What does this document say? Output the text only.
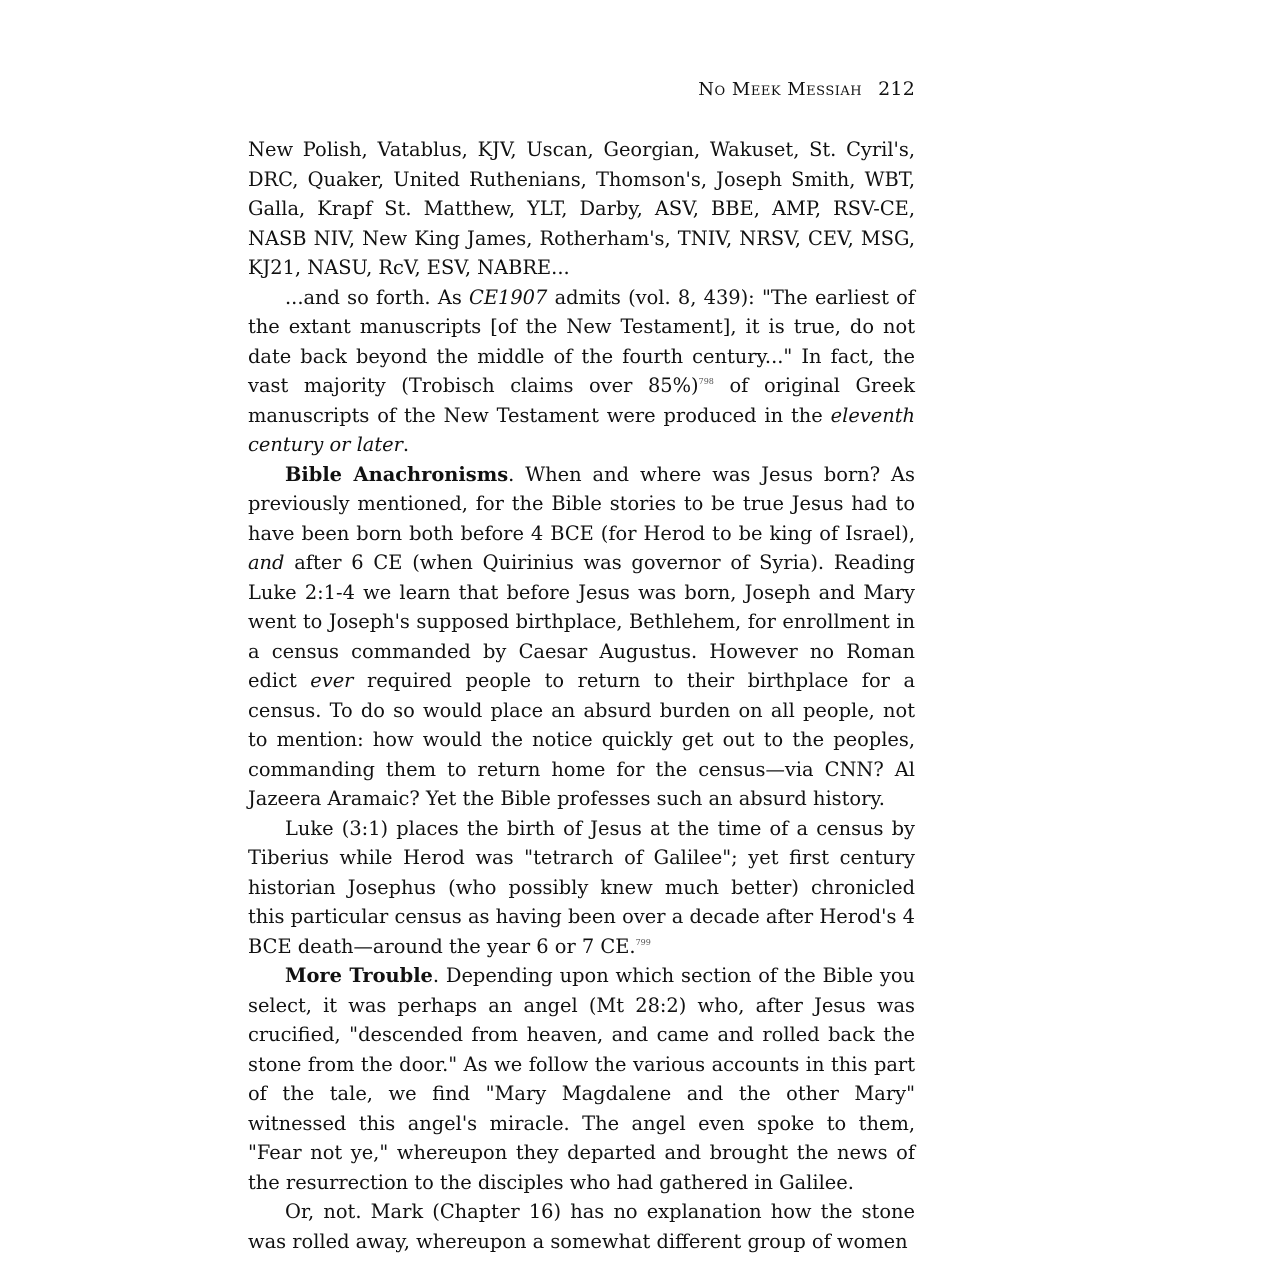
No Meek Messiah 212

New Polish, Vatablus, KJV, Uscan, Georgian, Wakuset, St. Cyril's, DRC, Quaker, United Ruthenians, Thomson's, Joseph Smith, WBT, Galla, Krapf St. Matthew, YLT, Darby, ASV, BBE, AMP, RSV-CE, NASB NIV, New King James, Rotherham's, TNIV, NRSV, CEV, MSG, KJ21, NASU, RcV, ESV, NABRE...

...and so forth. As CE1907 admits (vol. 8, 439): "The earliest of the extant manuscripts [of the New Testament], it is true, do not date back beyond the middle of the fourth century..." In fact, the vast majority (Trobisch claims over 85%)$^{798}$ of original Greek manuscripts of the New Testament were produced in the eleventh century or later.

Bible Anachronisms. When and where was Jesus born? As previously mentioned, for the Bible stories to be true Jesus had to have been born both before 4 BCE (for Herod to be king of Israel), and after 6 CE (when Quirinius was governor of Syria). Reading Luke 2:1-4 we learn that before Jesus was born, Joseph and Mary went to Joseph's supposed birthplace, Bethlehem, for enrollment in a census commanded by Caesar Augustus. However no Roman edict ever required people to return to their birthplace for a census. To do so would place an absurd burden on all people, not to mention: how would the notice quickly get out to the peoples, commanding them to return home for the census—via CNN? Al Jazeera Aramaic? Yet the Bible professes such an absurd history.

Luke (3:1) places the birth of Jesus at the time of a census by Tiberius while Herod was "tetrarch of Galilee"; yet first century historian Josephus (who possibly knew much better) chronicled this particular census as having been over a decade after Herod's 4 BCE death—around the year 6 or 7 CE.$^{799}$

More Trouble. Depending upon which section of the Bible you select, it was perhaps an angel (Mt 28:2) who, after Jesus was crucified, "descended from heaven, and came and rolled back the stone from the door." As we follow the various accounts in this part of the tale, we find "Mary Magdalene and the other Mary" witnessed this angel's miracle. The angel even spoke to them, "Fear not ye," whereupon they departed and brought the news of the resurrection to the disciples who had gathered in Galilee.

Or, not. Mark (Chapter 16) has no explanation how the stone was rolled away, whereupon a somewhat different group of women
